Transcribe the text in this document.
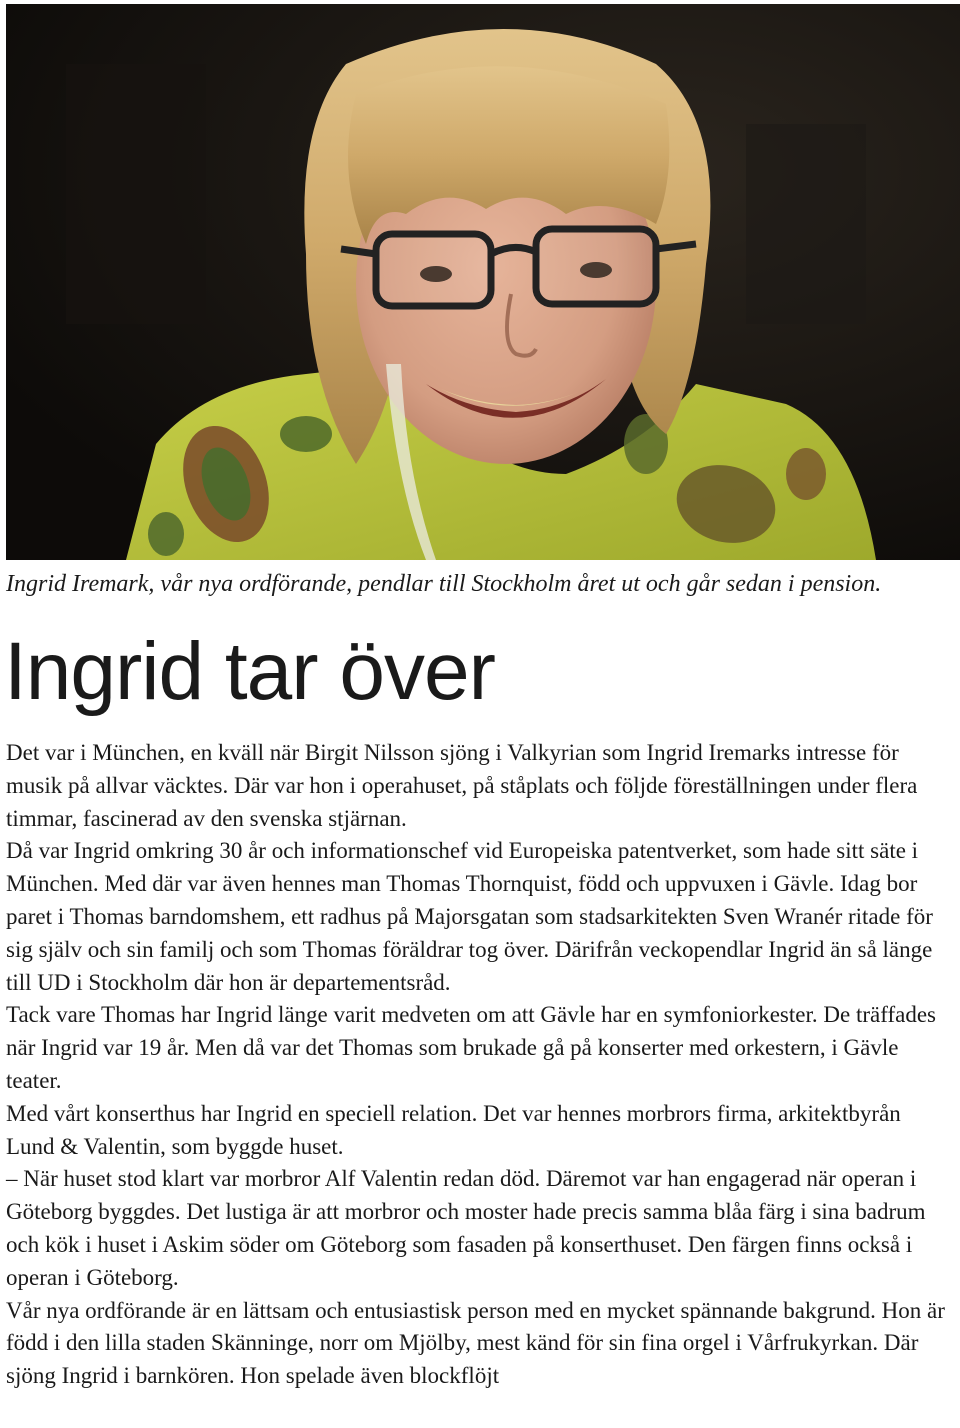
Ingrid Iremark, vår nya ordförande, pendlar till Stockholm året ut och går sedan i pension.

Ingrid tar över

Det var i München, en kväll när Birgit Nilsson sjöng i Valkyrian som Ingrid Iremarks intresse för musik på allvar väcktes. Där var hon i operahuset, på ståplats och följde föreställningen under flera timmar, fascinerad av den svenska stjärnan.

Då var Ingrid omkring 30 år och informationschef vid Europeiska patentverket, som hade sitt säte i München. Med där var även hennes man Thomas Thornquist, född och uppvuxen i Gävle. Idag bor paret i Thomas barndomshem, ett radhus på Majorsgatan som stadsarkitekten Sven Wranér ritade för sig själv och sin familj och som Thomas föräldrar tog över. Därifrån veckopendlar Ingrid än så länge till UD i Stockholm där hon är departementsråd.

Tack vare Thomas har Ingrid länge varit medveten om att Gävle har en symfoniorkester. De träffades när Ingrid var 19 år. Men då var det Thomas som brukade gå på konserter med orkestern, i Gävle teater.

Med vårt konserthus har Ingrid en speciell relation. Det var hennes morbrors firma, arkitektbyrån Lund & Valentin, som byggde huset.

– När huset stod klart var morbror Alf Valentin redan död. Däremot var han engagerad när operan i Göteborg byggdes. Det lustiga är att morbror och moster hade precis samma blåa färg i sina badrum och kök i huset i Askim söder om Göteborg som fasaden på konserthuset. Den färgen finns också i operan i Göteborg.

Vår nya ordförande är en lättsam och entusiastisk person med en mycket spännande bakgrund. Hon är född i den lilla staden Skänninge, norr om Mjölby, mest känd för sin fina orgel i Vårfrukyrkan. Där sjöng Ingrid i barnkören. Hon spelade även blockflöjt
